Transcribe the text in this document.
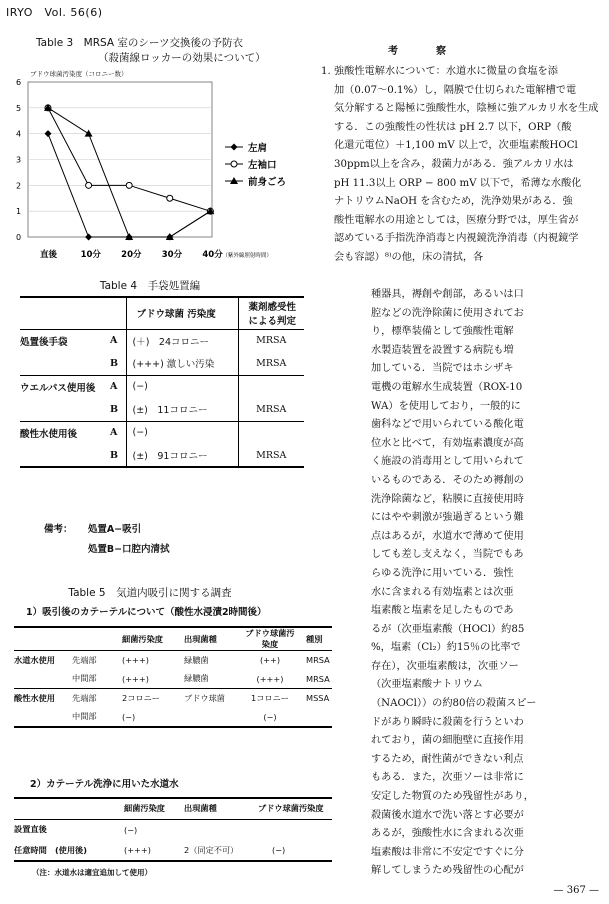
IRYO　Vol. 56(6)
Table 3　MRSA 室のシーツ交換後の予防衣
（殺菌線ロッカーの効果について）
ブドウ球菌汚染度（コロニー数）
0
1
2
3
4
5
6
直後	10分 20分 30分 40分 （紫外線照射時間）
左肩
左袖口
前身ごろ
Table 4　手袋処置編
		ブドウ球菌 汚染度	薬剤感受性 による判定
処置後手袋	A	(＋)　24コロニー	MRSA
	B	(+++) 激しい汚染	MRSA
ウエルパス使用後	A	(−)	
	B	(±)　11コロニー	MRSA
酸性水使用後	A	(−)	
	B	(±)　91コロニー	MRSA
備考： 処置A−吸引
処置B−口腔内清拭
Table 5　気道内吸引に関する調査
1）吸引後のカテーテルについて（酸性水浸漬2時間後）
		細菌汚染度	出現菌種	ブドウ球菌汚染度	種別
水道水使用	先端部	(+++)	緑膿菌	(++)	MRSA
	中間部	(+++)	緑膿菌	(+++)	MRSA
酸性水使用	先端部	2コロニー	ブドウ球菌	1コロニー	MSSA
	中間部	(−)		(−)	
2）カテーテル洗浄に用いた水道水
	細菌汚染度	出現菌種	ブドウ球菌汚染度
設置直後	(−)		
任意時間　(使用後)	(+++)	2（同定不可）	(−)
（注：水道水は適宜追加して使用）
考　察
1. 強酸性電解水について：水道水に微量の食塩を添

加（0.07〜0.1%）し，隔膜で仕切られた電解槽で電

気分解すると陽極に強酸性水，陰極に強アルカリ水を生成

する．この強酸性の性状は pH 2.7 以下，ORP（酸

化還元電位）＋1,100 mV 以上で，次亜塩素酸HOCl

30ppm以上を含み，殺菌力がある．強アルカリ水は

pH 11.3以上 ORP − 800 mV 以下で，希薄な水酸化

ナトリウムNaOH を含むため，洗浄効果がある．強

酸性電解水の用途としては，医療分野では，厚生省が

認めている手指洗浄消毒と内視鏡洗浄消毒（内視鏡学

会も容認）⁸⁾の他，床の清拭，各

種器具，褥創や創部，あるいは口

腔などの洗浄除菌に使用されてお

り，標準装備として強酸性電解

水製造装置を設置する病院も増

加している．当院ではホシザキ

電機の電解水生成装置（ROX-10

WA）を使用しており，一般的に

歯科などで用いられている酸化電

位水と比べて，有効塩素濃度が高

く施設の消毒用として用いられて

いるものである．そのため褥創の

洗浄除菌など，粘膜に直接使用時

にはやや刺激が強過ぎるという難

点はあるが，水道水で薄めて使用

しても差し支えなく，当院でもあ

らゆる洗浄に用いている．強性

水に含まれる有効塩素とは次亜

塩素酸と塩素を足したものであ

るが（次亜塩素酸（HOCl）約85

%，塩素（Cl₂）約15％の比率で

存在），次亜塩素酸は，次亜ソー

（次亜塩素酸ナトリウム

（NAOCl））の約80倍の殺菌スピー

ドがあり瞬時に殺菌を行うといわ

れており，菌の細胞壁に直接作用

するため，耐性菌ができない利点

もある．また，次亜ソーは非常に

安定した物質のため残留性があり，

殺菌後水道水で洗い落とす必要が

あるが，強酸性水に含まれる次亜

塩素酸は非常に不安定ですぐに分

解してしまうため残留性の心配が

— 367 —
